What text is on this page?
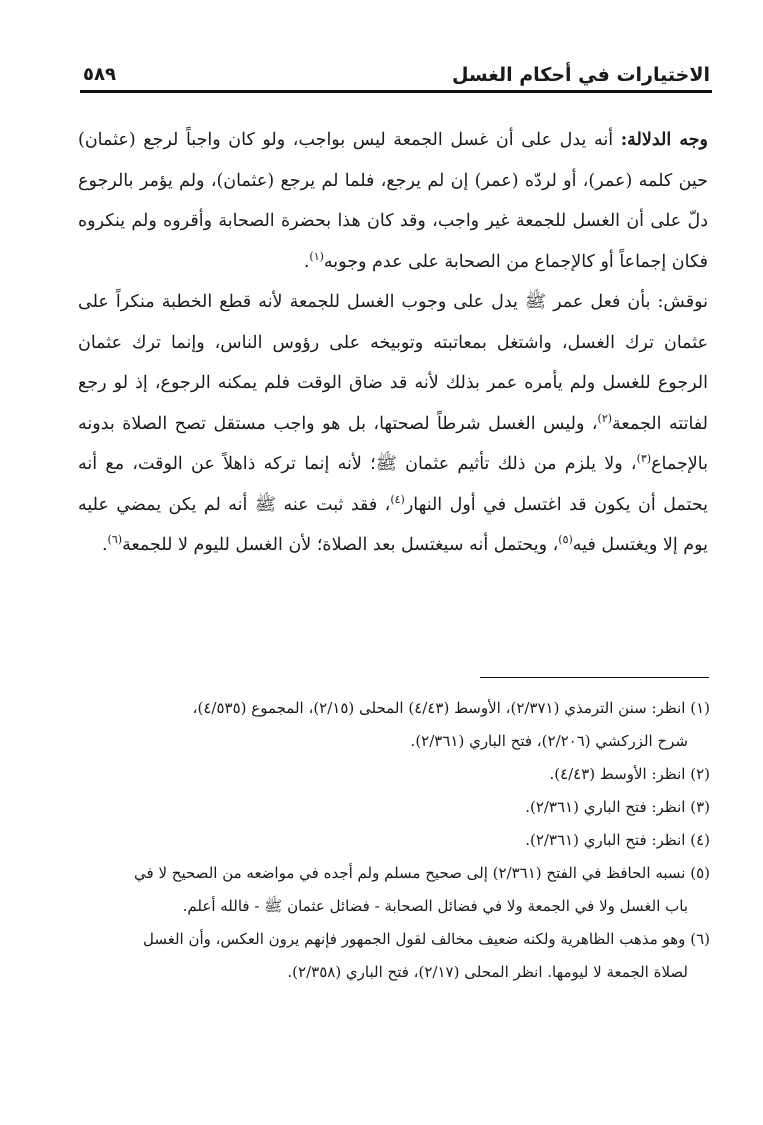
الاختيارات في أحكام الغسل
٥٨٩

وجه الدلالة: أنه يدل على أن غسل الجمعة ليس بواجب، ولو كان واجباً لرجع (عثمان) حين كلمه (عمر)، أو لردّه (عمر) إن لم يرجع، فلما لم يرجع (عثمان)، ولم يؤمر بالرجوع دلّ على أن الغسل للجمعة غير واجب، وقد كان هذا بحضرة الصحابة وأقروه ولم ينكروه فكان إجماعاً أو كالإجماع من الصحابة على عدم وجوبه$^{(١)}$.

نوقش: بأن فعل عمر ﷺ يدل على وجوب الغسل للجمعة لأنه قطع الخطبة منكراً على عثمان ترك الغسل، واشتغل بمعاتبته وتوبيخه على رؤوس الناس، وإنما ترك عثمان الرجوع للغسل ولم يأمره عمر بذلك لأنه قد ضاق الوقت فلم يمكنه الرجوع، إذ لو رجع لفاتته الجمعة$^{(٢)}$، وليس الغسل شرطاً لصحتها، بل هو واجب مستقل تصح الصلاة بدونه بالإجماع$^{(٣)}$، ولا يلزم من ذلك تأثيم عثمان ﷺ؛ لأنه إنما تركه ذاهلاً عن الوقت، مع أنه يحتمل أن يكون قد اغتسل في أول النهار$^{(٤)}$، فقد ثبت عنه ﷺ أنه لم يكن يمضي عليه يوم إلا ويغتسل فيه$^{(٥)}$، ويحتمل أنه سيغتسل بعد الصلاة؛ لأن الغسل لليوم لا للجمعة$^{(٦)}$.

(١) انظر: سنن الترمذي (٢/٣٧١)، الأوسط (٤/٤٣) المحلى (٢/١٥)، المجموع (٤/٥٣٥)،
شرح الزركشي (٢/٢٠٦)، فتح الباري (٢/٣٦١).

(٢) انظر: الأوسط (٤/٤٣).

(٣) انظر: فتح الباري (٢/٣٦١).

(٤) انظر: فتح الباري (٢/٣٦١).

(٥) نسبه الحافظ في الفتح (٢/٣٦١) إلى صحيح مسلم ولم أجده في مواضعه من الصحيح لا في
باب الغسل ولا في الجمعة ولا في فضائل الصحابة - فضائل عثمان ﷺ - فالله أعلم.

(٦) وهو مذهب الظاهرية ولكنه ضعيف مخالف لقول الجمهور فإنهم يرون العكس، وأن الغسل
لصلاة الجمعة لا ليومها. انظر المحلى (٢/١٧)، فتح الباري (٢/٣٥٨).
